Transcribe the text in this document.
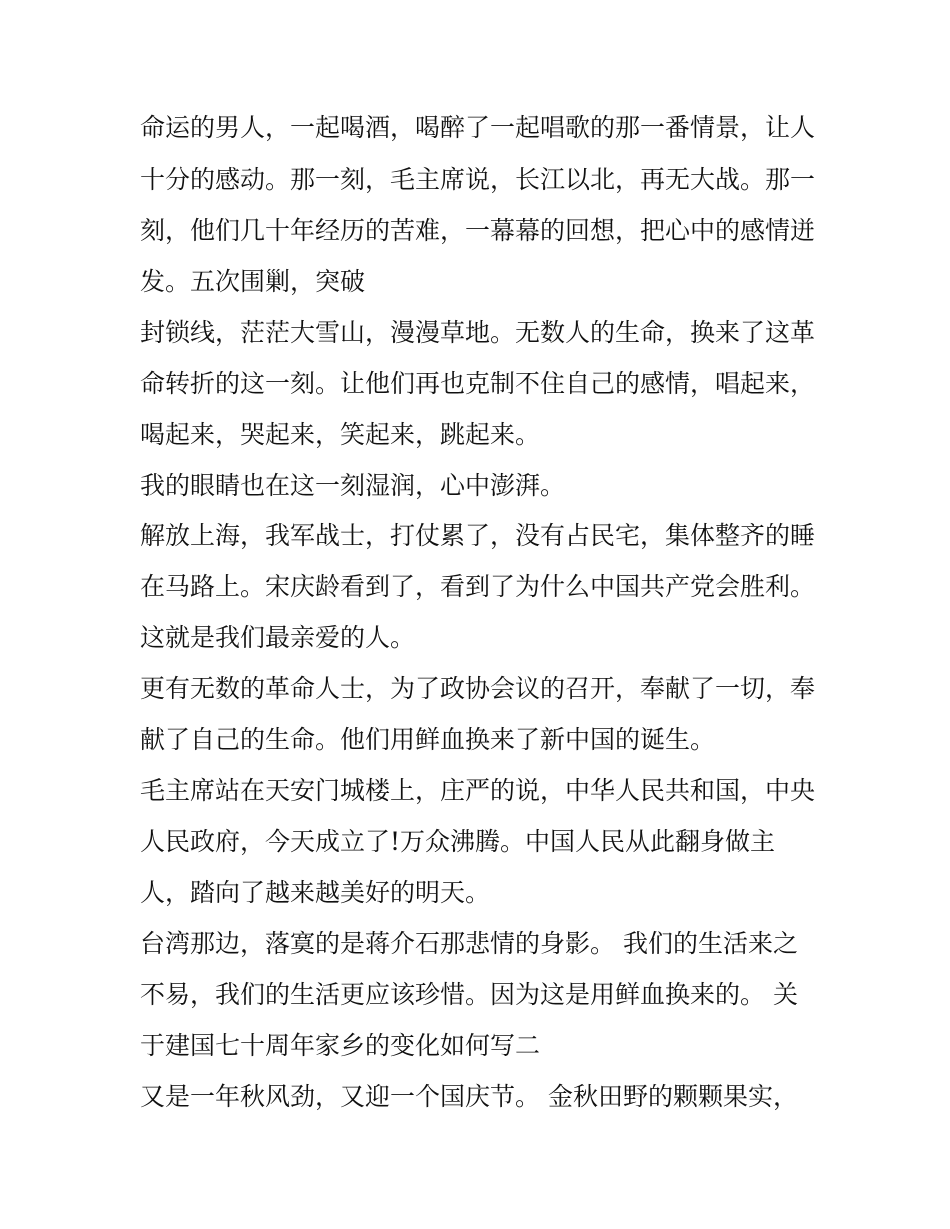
命运的男人，一起喝酒，喝醉了一起唱歌的那一番情景，让人
十分的感动。那一刻，毛主席说，长江以北，再无大战。那一
刻，他们几十年经历的苦难，一幕幕的回想，把心中的感情迸
发。五次围剿，突破
封锁线，茫茫大雪山，漫漫草地。无数人的生命，换来了这革
命转折的这一刻。让他们再也克制不住自己的感情，唱起来，
喝起来，哭起来，笑起来，跳起来。
我的眼睛也在这一刻湿润，心中澎湃。
解放上海，我军战士，打仗累了，没有占民宅，集体整齐的睡
在马路上。宋庆龄看到了，看到了为什么中国共产党会胜利。
这就是我们最亲爱的人。
更有无数的革命人士，为了政协会议的召开，奉献了一切，奉
献了自己的生命。他们用鲜血换来了新中国的诞生。
毛主席站在天安门城楼上，庄严的说，中华人民共和国，中央
人民政府，今天成立了!万众沸腾。中国人民从此翻身做主
人，踏向了越来越美好的明天。
台湾那边，落寞的是蒋介石那悲情的身影。 我们的生活来之
不易，我们的生活更应该珍惜。因为这是用鲜血换来的。 关
于建国七十周年家乡的变化如何写二
又是一年秋风劲，又迎一个国庆节。 金秋田野的颗颗果实，
